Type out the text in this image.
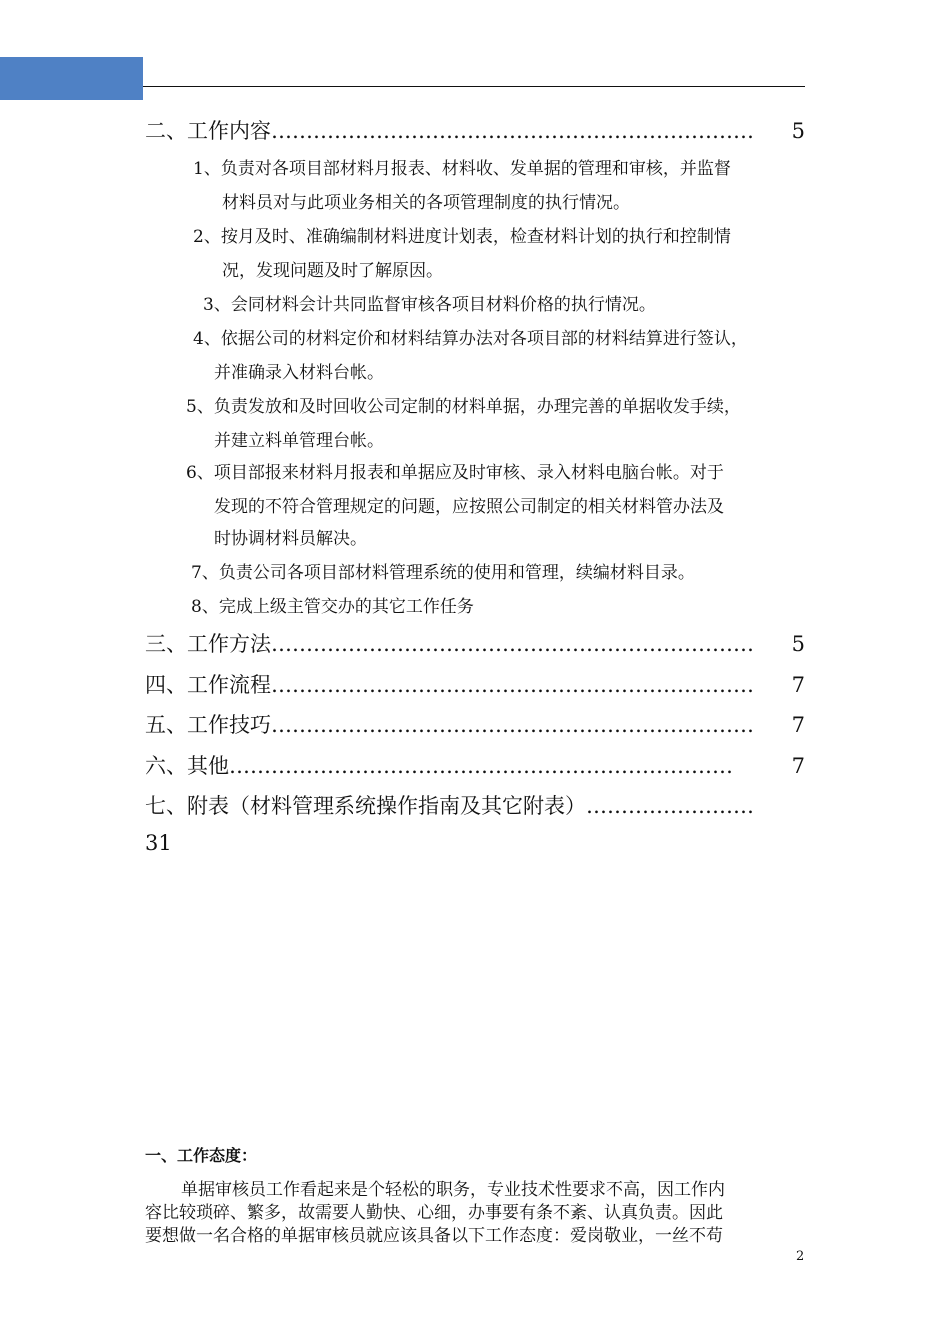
二、工作内容 ……………………………………………………………	5
1、负责对各项目部材料月报表、材料收、发单据的管理和审核，并监督
材料员对与此项业务相关的各项管理制度的执行情况。
2、按月及时、准确编制材料进度计划表，检查材料计划的执行和控制情
况，发现问题及时了解原因。
3、会同材料会计共同监督审核各项目材料价格的执行情况。
4、依据公司的材料定价和材料结算办法对各项目部的材料结算进行签认，
并准确录入材料台帐。
5、负责发放和及时回收公司定制的材料单据，办理完善的单据收发手续，
并建立料单管理台帐。
6、项目部报来材料月报表和单据应及时审核、录入材料电脑台帐。对于
发现的不符合管理规定的问题，应按照公司制定的相关材料管办法及
时协调材料员解决。
7、负责公司各项目部材料管理系统的使用和管理，续编材料目录。
8、完成上级主管交办的其它工作任务
三、工作方法 ……………………………………………………………	5
四、工作流程 ……………………………………………………………	7
五、工作技巧 ……………………………………………………………	7
六、其他 ………………………………………………………………	7
七、附表（材料管理系统操作指南及其它附表） ……………………
31
一、工作态度：
单据审核员工作看起来是个轻松的职务，专业技术性要求不高，因工作内
容比较琐碎、繁多，故需要人勤快、心细，办事要有条不紊、认真负责。因此
要想做一名合格的单据审核员就应该具备以下工作态度：爱岗敬业，一丝不苟
2
